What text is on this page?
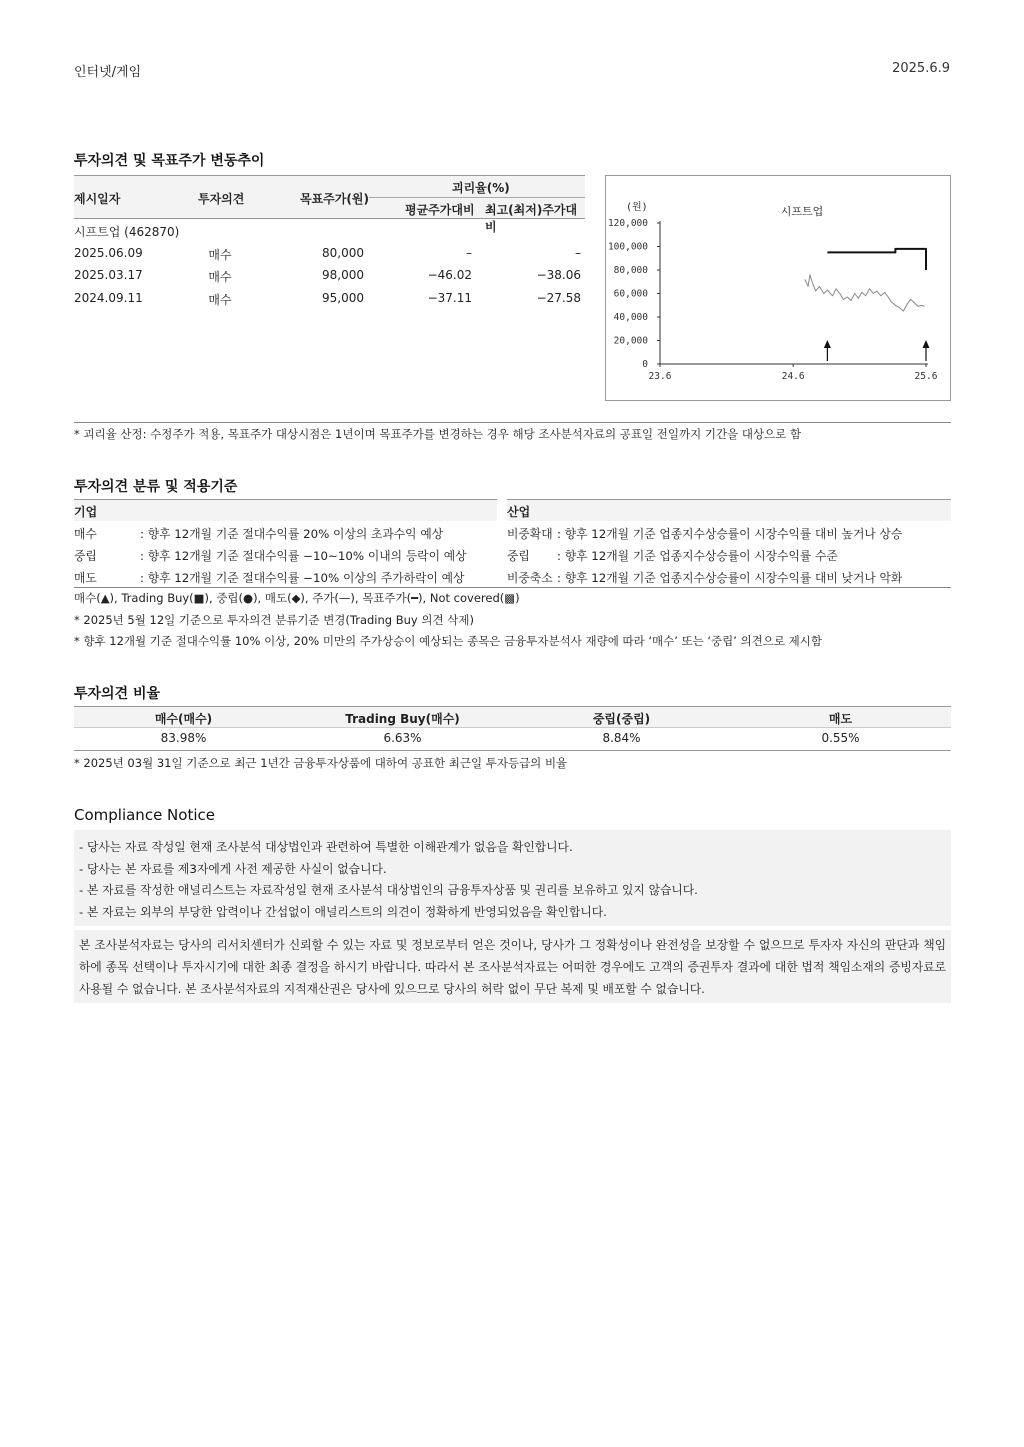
인터넷/게임	2025.6.9
투자의견 및 목표주가 변동추이
제시일자	투자의견	목표주가(원)
괴리율(%)
평균주가대비 최고(최저)주가대비
시프트업 (462870)
2025.06.09	매수	80,000	–	–
2025.03.17	매수	98,000	−46.02	−38.06
2024.09.11	매수	95,000	−37.11	−27.58
시프트업
(원)
120,000
100,000
80,000
60,000
40,000
20,000
0
23.6	24.6	25.6
* 괴리율 산정: 수정주가 적용, 목표주가 대상시점은 1년이며 목표주가를 변경하는 경우 해당 조사분석자료의 공표일 전일까지 기간을 대상으로 함
투자의견 분류 및 적용기준
기업	산업
매수	: 향후 12개월 기준 절대수익률 20% 이상의 초과수익 예상
중립	: 향후 12개월 기준 절대수익률 −10~10% 이내의 등락이 예상
매도	: 향후 12개월 기준 절대수익률 −10% 이상의 주가하락이 예상
비중확대 : 향후 12개월 기준 업종지수상승률이 시장수익률 대비 높거나 상승
중립 : 향후 12개월 기준 업종지수상승률이 시장수익률 수준
비중축소 : 향후 12개월 기준 업종지수상승률이 시장수익률 대비 낮거나 악화
매수(▲), Trading Buy(■), 중립(●), 매도(◆), 주가(—), 목표주가(━), Not covered(▩)
* 2025년 5월 12일 기준으로 투자의견 분류기준 변경(Trading Buy 의견 삭제)
* 향후 12개월 기준 절대수익률 10% 이상, 20% 미만의 주가상승이 예상되는 종목은 금융투자분석사 재량에 따라 ‘매수’ 또는 ‘중립’ 의견으로 제시함
투자의견 비율
매수(매수)	Trading Buy(매수)	중립(중립)	매도
83.98%	6.63%	8.84%	0.55%
* 2025년 03월 31일 기준으로 최근 1년간 금융투자상품에 대하여 공표한 최근일 투자등급의 비율
Compliance Notice
- 당사는 자료 작성일 현재 조사분석 대상법인과 관련하여 특별한 이해관계가 없음을 확인합니다.
- 당사는 본 자료를 제3자에게 사전 제공한 사실이 없습니다.
- 본 자료를 작성한 애널리스트는 자료작성일 현재 조사분석 대상법인의 금융투자상품 및 권리를 보유하고 있지 않습니다.
- 본 자료는 외부의 부당한 압력이나 간섭없이 애널리스트의 의견이 정확하게 반영되었음을 확인합니다.

본 조사분석자료는 당사의 리서치센터가 신뢰할 수 있는 자료 및 정보로부터 얻은 것이나, 당사가 그 정확성이나 완전성을 보장할 수 없으므로 투자자 자신의 판단과 책임하에 종목 선택이나 투자시기에 대한 최종 결정을 하시기 바랍니다. 따라서 본 조사분석자료는 어떠한 경우에도 고객의 증권투자 결과에 대한 법적 책임소재의 증빙자료로 사용될 수 없습니다. 본 조사분석자료의 지적재산권은 당사에 있으므로 당사의 허락 없이 무단 복제 및 배포할 수 없습니다.
